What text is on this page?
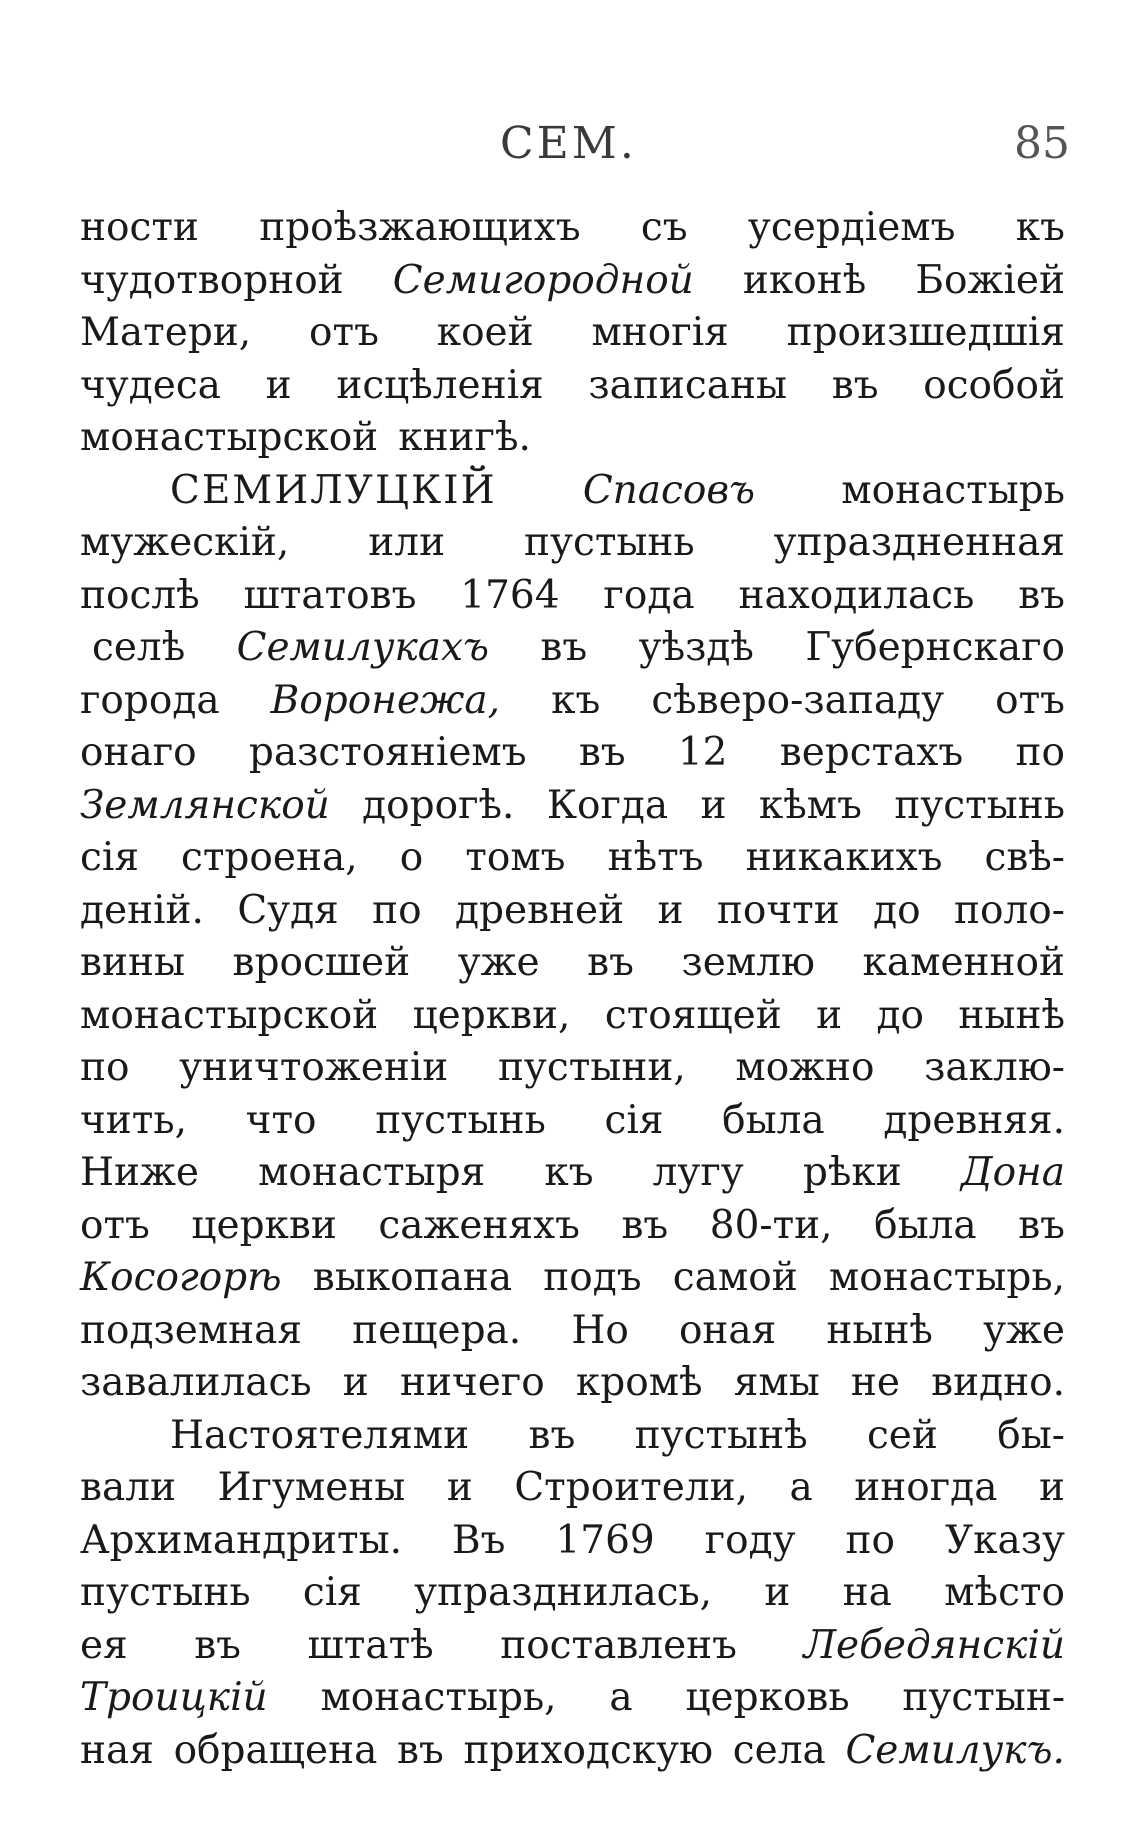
СЕМ.	85
ности проѣзжающихъ съ усердіемъ къ
чудотворной Семигородной иконѣ Божіей
Матери, отъ коей многія произшедшія
чудеса и исцѣленія записаны въ особой
монастырской книгѣ.
СЕМИЛУЦКІЙ Спасовъ монастырь
мужескій, или пустынь упраздненная
послѣ штатовъ 1764 года находилась въ
селѣ Семилукахъ въ уѣздѣ Губернскаго
города Воронежа, къ сѣверо-западу отъ
онаго разстояніемъ въ 12 верстахъ по
Землянской дорогѣ. Когда и кѣмъ пустынь
сія строена, о томъ нѣтъ никакихъ свѣ-
деній. Судя по древней и почти до поло-
вины вросшей уже въ землю каменной
монастырской церкви, стоящей и до нынѣ
по уничтоженіи пустыни, можно заклю-
чить, что пустынь сія была древняя.
Ниже монастыря къ лугу рѣки Дона
отъ церкви саженяхъ въ 80-ти, была въ
Косогорѣ выкопана подъ самой монастырь,
подземная пещера. Но оная нынѣ уже
завалилась и ничего кромѣ ямы не видно.
Настоятелями въ пустынѣ сей бы-
вали Игумены и Строители, а иногда и
Архимандриты. Въ 1769 году по Указу
пустынь сія упразднилась, и на мѣсто
ея въ штатѣ поставленъ Лебедянскій
Троицкій монастырь, а церковь пустын-
ная обращена въ приходскую села Семилукъ.
